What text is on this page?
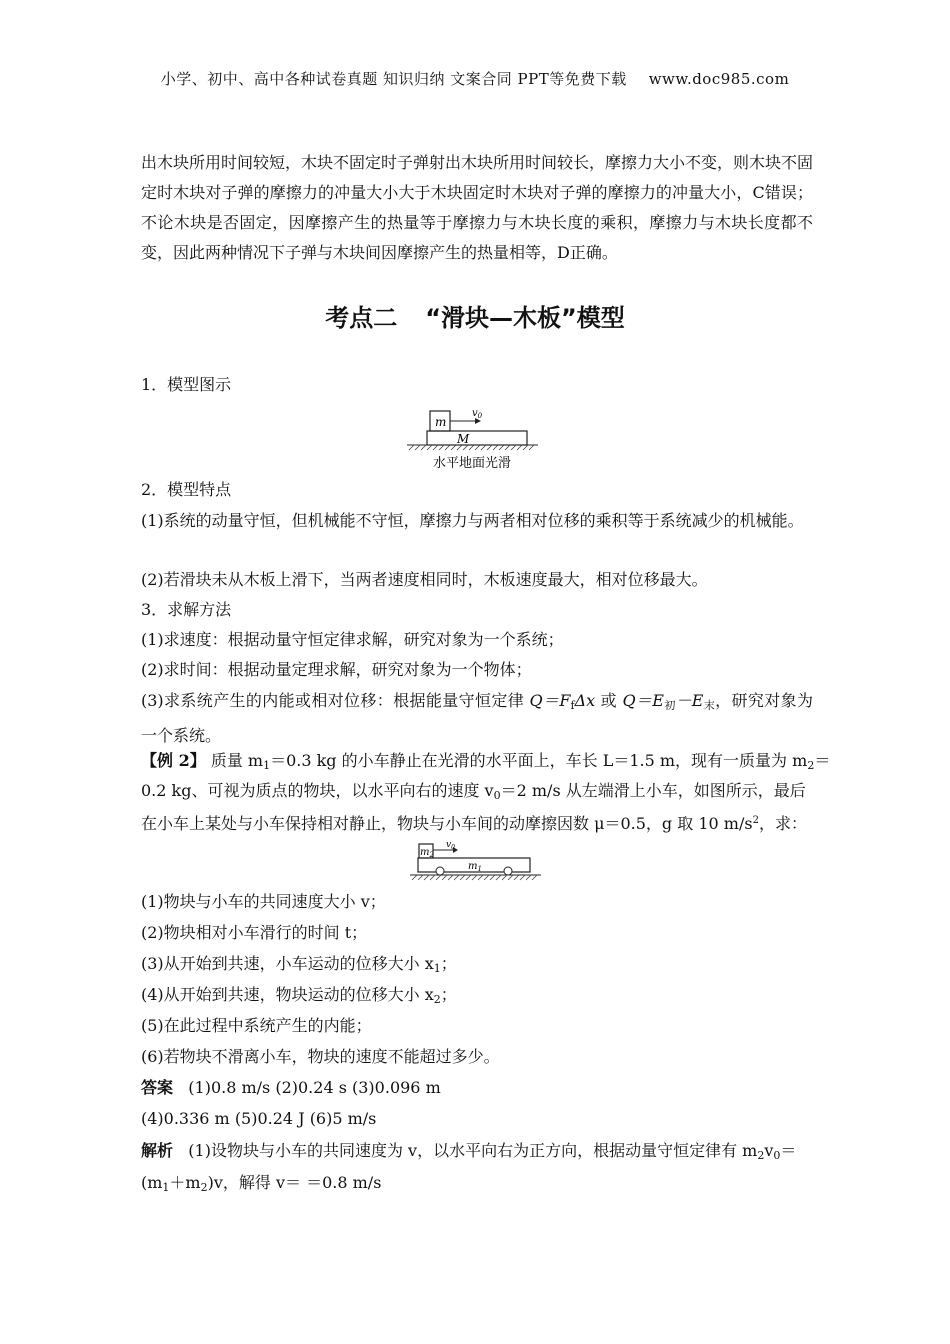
小学、初中、高中各种试卷真题 知识归纳 文案合同 PPT等免费下载 www.doc985.com
出木块所用时间较短，木块不固定时子弹射出木块所用时间较长，摩擦力大小不变，则木块不固定时木块对子弹的摩擦力的冲量大小大于木块固定时木块对子弹的摩擦力的冲量大小，C错误；不论木块是否固定，因摩擦产生的热量等于摩擦力与木块长度的乘积，摩擦力与木块长度都不变，因此两种情况下子弹与木块间因摩擦产生的热量相等，D正确。
考点二 “滑块—木板”模型
1．模型图示
m
$v_0$
M
水平地面光滑
2．模型特点
(1)系统的动量守恒，但机械能不守恒，摩擦力与两者相对位移的乘积等于系统减少的机械能。
(2)若滑块未从木板上滑下，当两者速度相同时，木板速度最大，相对位移最大。
3．求解方法
(1)求速度：根据动量守恒定律求解，研究对象为一个系统；
(2)求时间：根据动量定理求解，研究对象为一个物体；
(3)求系统产生的内能或相对位移：根据能量守恒定律 $Q=F_f\Delta x$ 或 $Q=E_初-E_末$，研究对象为一个系统。
【例 2】 质量 $m_1=0.3$ kg 的小车静止在光滑的水平面上，车长 L＝1.5 m，现有一质量为 $m_2=$
0.2 kg、可视为质点的物块，以水平向右的速度 $v_0=2$ m/s 从左端滑上小车，如图所示，最后
在小车上某处与小车保持相对静止，物块与小车间的动摩擦因数 μ＝0.5，g 取 10 $m/s^2$，求：
$m_2$
$v_0$
$m_1$
(1)物块与小车的共同速度大小 v；
(2)物块相对小车滑行的时间 t；
(3)从开始到共速，小车运动的位移大小 $x_1$；
(4)从开始到共速，物块运动的位移大小 $x_2$；
(5)在此过程中系统产生的内能；
(6)若物块不滑离小车，物块的速度不能超过多少。
答案 (1)0.8 m/s (2)0.24 s (3)0.096 m
(4)0.336 m (5)0.24 J (6)5 m/s
解析 (1)设物块与小车的共同速度为 v，以水平向右为正方向，根据动量守恒定律有 $m_2v_0=$
$(m_1+m_2)v$，解得 v＝ ＝0.8 m/s
